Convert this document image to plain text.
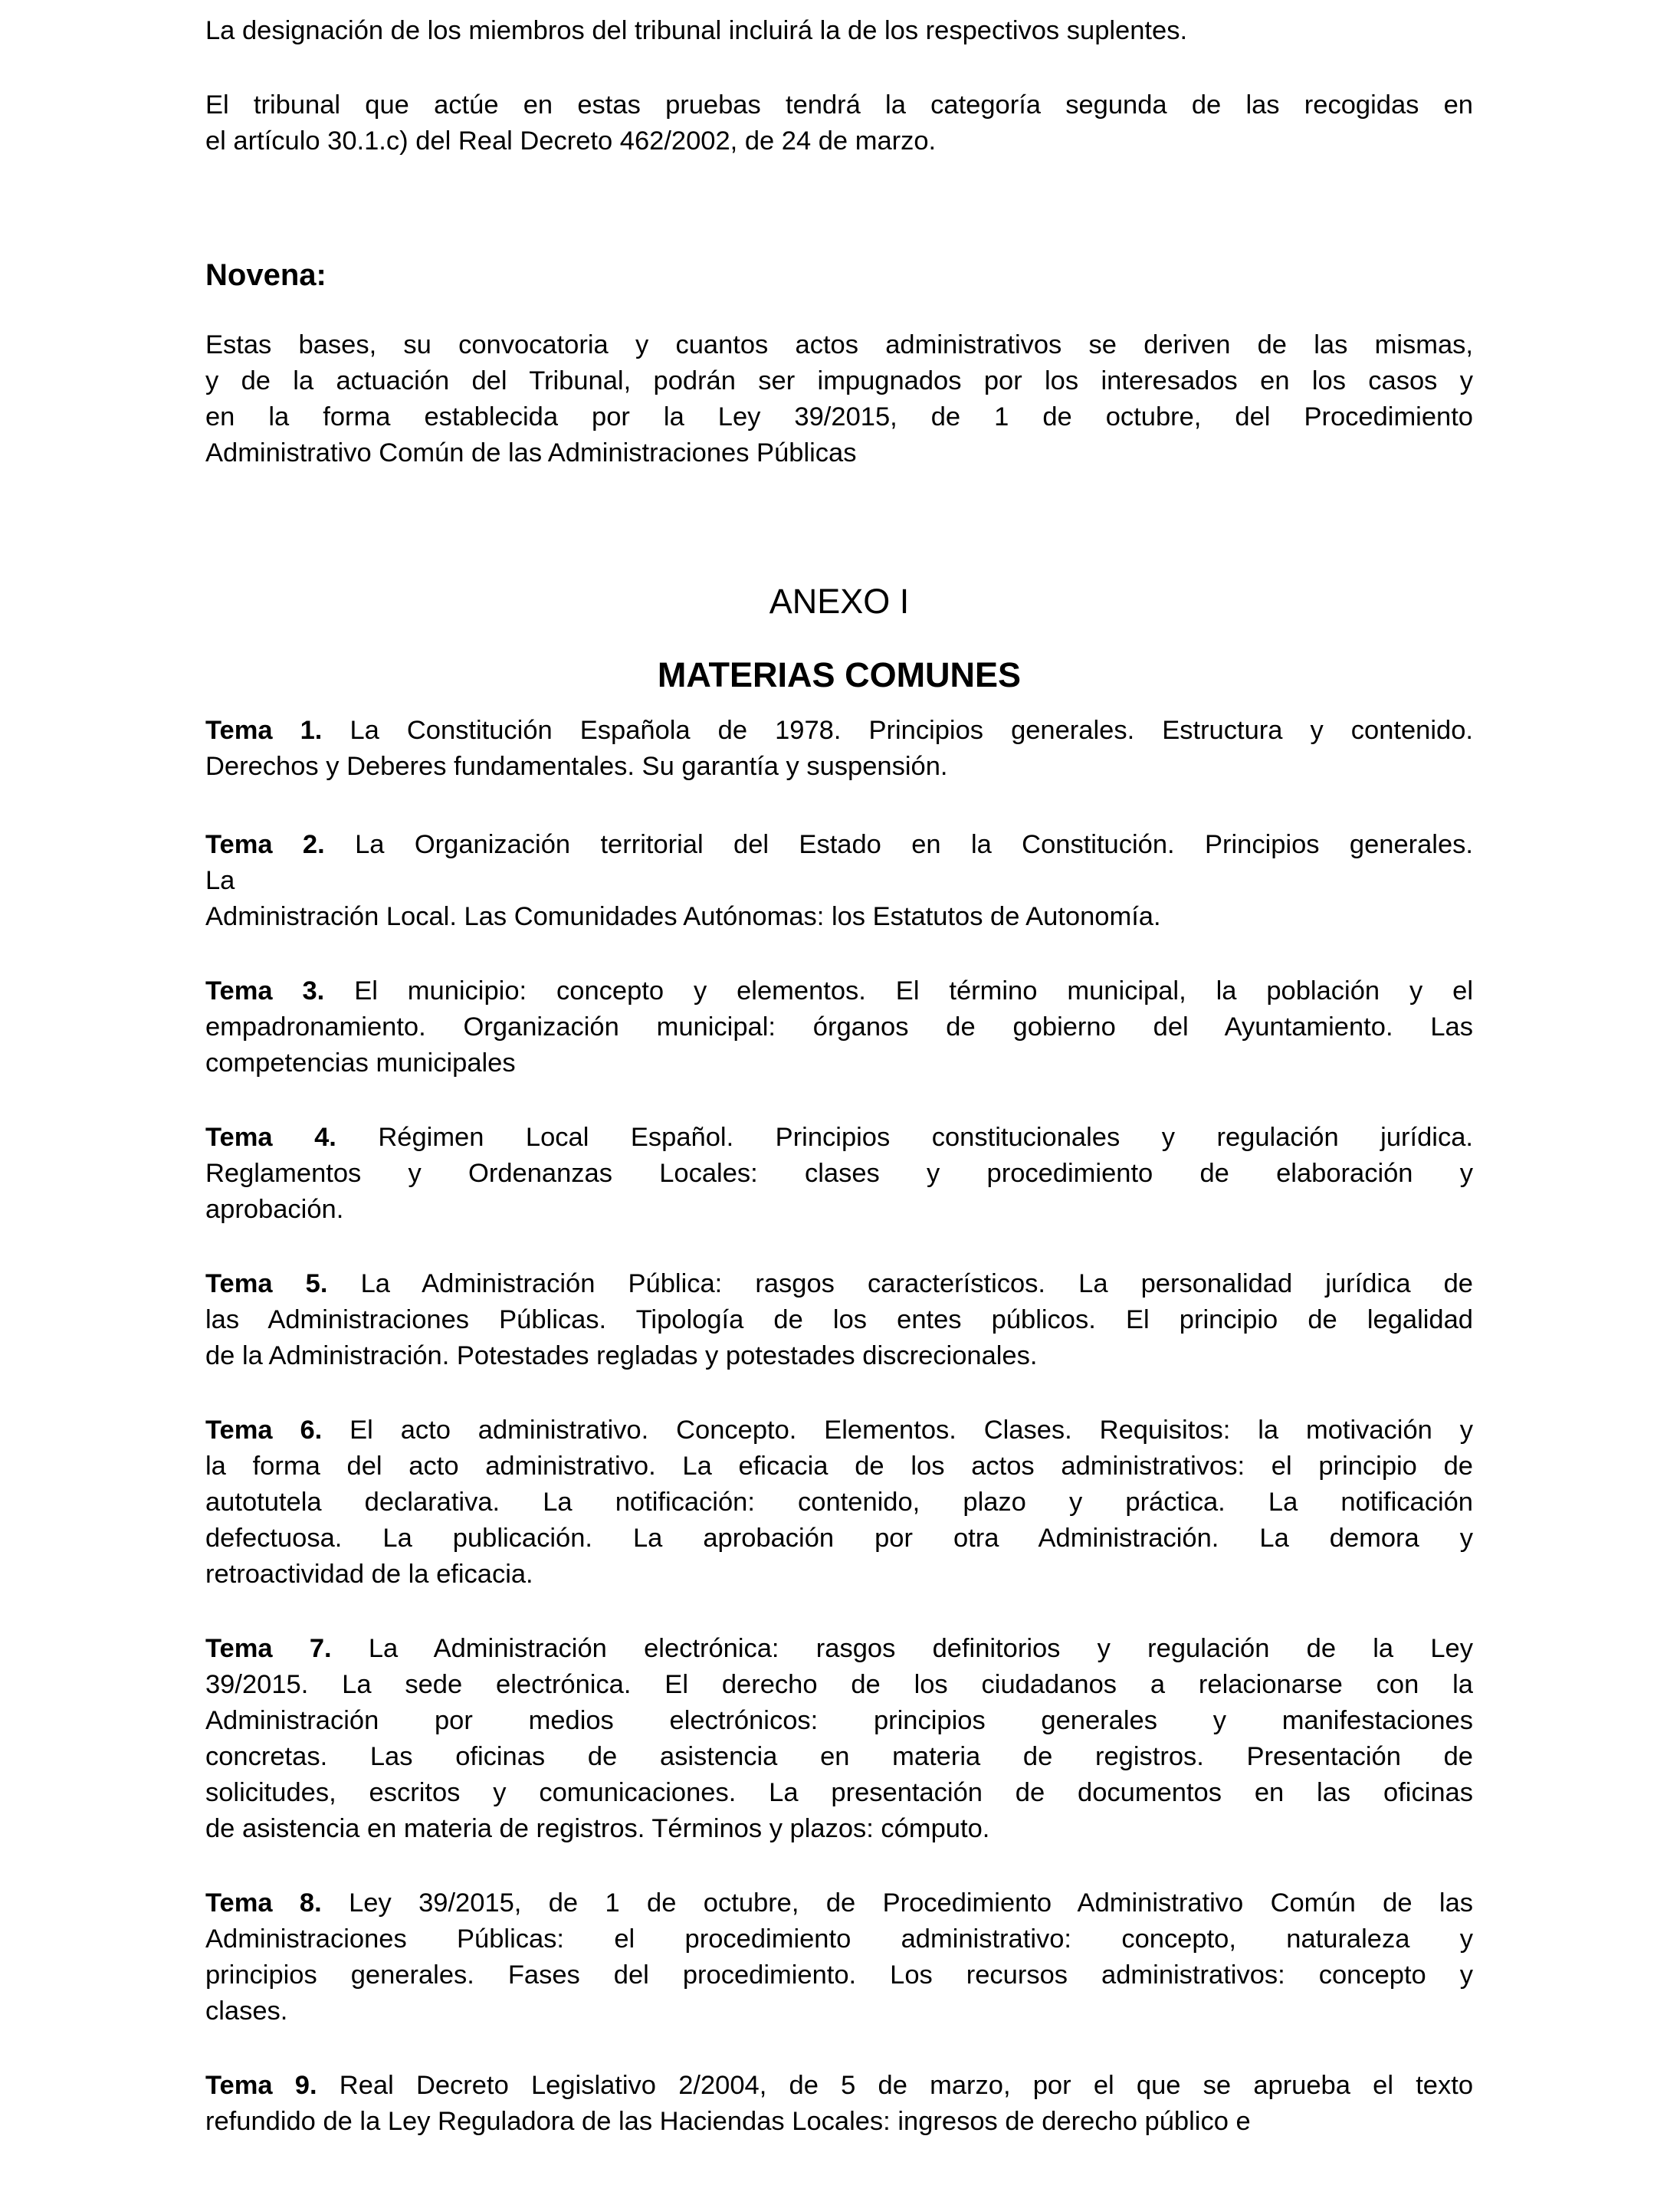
La designación de los miembros del tribunal incluirá la de los respectivos suplentes.

El tribunal que actúe en estas pruebas tendrá la categoría segunda de las recogidas en
el artículo 30.1.c) del Real Decreto 462/2002, de 24 de marzo.

Novena:

Estas bases, su convocatoria y cuantos actos administrativos se deriven de las mismas,
y de la actuación del Tribunal, podrán ser impugnados por los interesados en los casos y
en la forma establecida por la Ley 39/2015, de 1 de octubre, del Procedimiento
Administrativo Común de las Administraciones Públicas

ANEXO I
MATERIAS COMUNES

Tema 1. La Constitución Española de 1978. Principios generales. Estructura y contenido.
Derechos y Deberes fundamentales. Su garantía y suspensión.

Tema 2. La Organización territorial del Estado en la Constitución. Principios generales.
La
Administración Local. Las Comunidades Autónomas: los Estatutos de Autonomía.

Tema 3. El municipio: concepto y elementos. El término municipal, la población y el
empadronamiento. Organización municipal: órganos de gobierno del Ayuntamiento. Las
competencias municipales

Tema 4. Régimen Local Español. Principios constitucionales y regulación jurídica.
Reglamentos y Ordenanzas Locales: clases y procedimiento de elaboración y
aprobación.

Tema 5. La Administración Pública: rasgos característicos. La personalidad jurídica de
las Administraciones Públicas. Tipología de los entes públicos. El principio de legalidad
de la Administración. Potestades regladas y potestades discrecionales.

Tema 6. El acto administrativo. Concepto. Elementos. Clases. Requisitos: la motivación y
la forma del acto administrativo. La eficacia de los actos administrativos: el principio de
autotutela declarativa. La notificación: contenido, plazo y práctica. La notificación
defectuosa. La publicación. La aprobación por otra Administración. La demora y
retroactividad de la eficacia.

Tema 7. La Administración electrónica: rasgos definitorios y regulación de la Ley
39/2015. La sede electrónica. El derecho de los ciudadanos a relacionarse con la
Administración por medios electrónicos: principios generales y manifestaciones
concretas. Las oficinas de asistencia en materia de registros. Presentación de
solicitudes, escritos y comunicaciones. La presentación de documentos en las oficinas
de asistencia en materia de registros. Términos y plazos: cómputo.

Tema 8. Ley 39/2015, de 1 de octubre, de Procedimiento Administrativo Común de las
Administraciones Públicas: el procedimiento administrativo: concepto, naturaleza y
principios generales. Fases del procedimiento. Los recursos administrativos: concepto y
clases.

Tema 9. Real Decreto Legislativo 2/2004, de 5 de marzo, por el que se aprueba el texto
refundido de la Ley Reguladora de las Haciendas Locales: ingresos de derecho público e
